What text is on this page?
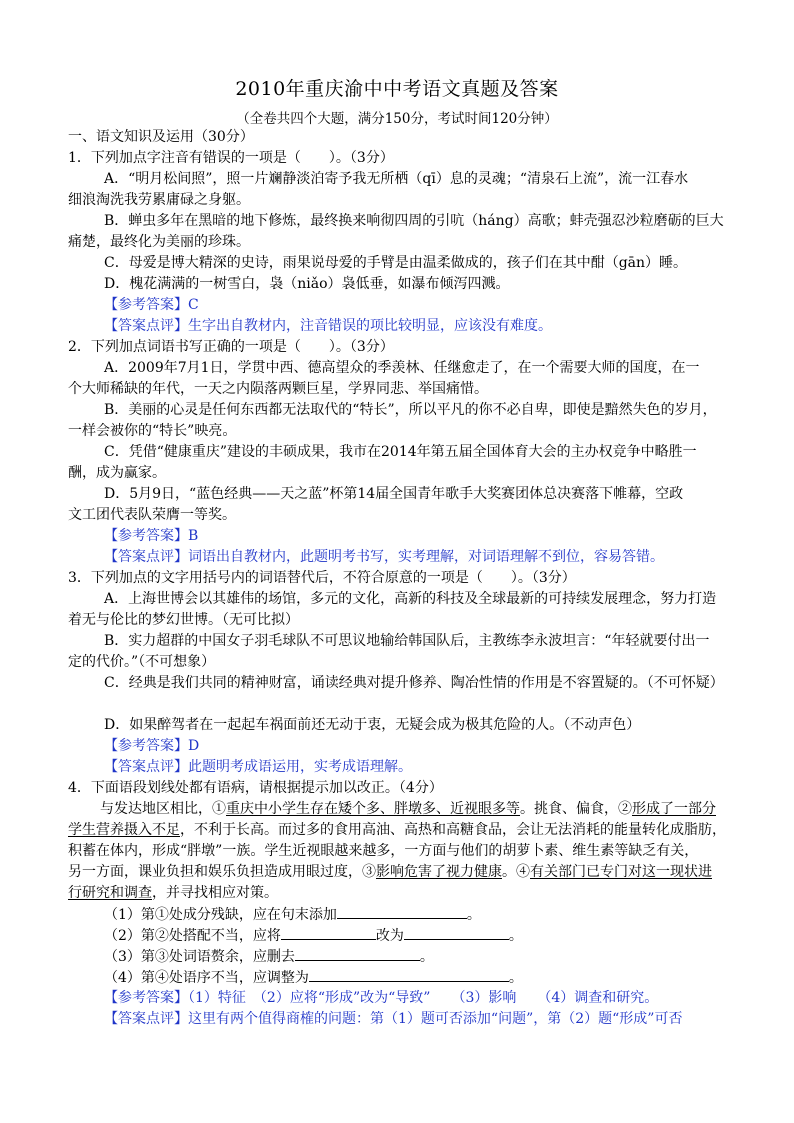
2010年重庆渝中中考语文真题及答案
（全卷共四个大题，满分150分，考试时间120分钟）
一、语文知识及运用（30分）
1．下列加点字注音有错误的一项是（　　）。（3分）
A．“明月松间照”，照一片斓静淡泊寄予我无所栖（qī）息的灵魂；“清泉石上流”，流一江春水
细浪淘洗我劳累庸碌之身躯。
B．蝉虫多年在黑暗的地下修炼，最终换来响彻四周的引吭（háng）高歌；蚌壳强忍沙粒磨砺的巨大
痛楚，最终化为美丽的珍珠。
C．母爱是博大精深的史诗，雨果说母爱的手臂是由温柔做成的，孩子们在其中酣（gān）睡。
D．槐花满满的一树雪白，袅（niǎo）袅低垂，如瀑布倾泻四溅。
【参考答案】C
【答案点评】生字出自教材内，注音错误的项比较明显，应该没有难度。
2．下列加点词语书写正确的一项是（　　）。（3分）
A．2009年7月1日，学贯中西、德高望众的季羡林、任继愈走了，在一个需要大师的国度，在一
个大师稀缺的年代，一天之内陨落两颗巨星，学界同悲、举国痛惜。
B．美丽的心灵是任何东西都无法取代的“特长”，所以平凡的你不必自卑，即使是黯然失色的岁月，
一样会被你的“特长”映亮。
C．凭借“健康重庆”建设的丰硕成果，我市在2014年第五届全国体育大会的主办权竞争中略胜一
酬，成为赢家。
D．5月9日，“蓝色经典——天之蓝”杯第14届全国青年歌手大奖赛团体总决赛落下帷幕，空政
文工团代表队荣膺一等奖。
【参考答案】B
【答案点评】词语出自教材内，此题明考书写，实考理解，对词语理解不到位，容易答错。
3．下列加点的文字用括号内的词语替代后，不符合原意的一项是（　　）。（3分）
A．上海世博会以其雄伟的场馆，多元的文化，高新的科技及全球最新的可持续发展理念，努力打造
着无与伦比的梦幻世博。（无可比拟）
B．实力超群的中国女子羽毛球队不可思议地输给韩国队后，主教练李永波坦言：“年轻就要付出一
定的代价。”（不可想象）
C．经典是我们共同的精神财富，诵读经典对提升修养、陶冶性情的作用是不容置疑的。（不可怀疑）
D．如果醉驾者在一起起车祸面前还无动于衷，无疑会成为极其危险的人。（不动声色）
【参考答案】D
【答案点评】此题明考成语运用，实考成语理解。
4．下面语段划线处都有语病，请根据提示加以改正。（4分）
与发达地区相比，①重庆中小学生存在矮个多、胖墩多、近视眼多等。挑食、偏食，②形成了一部分
学生营养摄入不足，不利于长高。而过多的食用高油、高热和高糖食品，会让无法消耗的能量转化成脂肪，
积蓄在体内，形成“胖墩”一族。学生近视眼越来越多，一方面与他们的胡萝卜素、维生素等缺乏有关，
另一方面，课业负担和娱乐负担造成用眼过度，③影响危害了视力健康。④有关部门已专门对这一现状进
行研究和调查，并寻找相应对策。
（1）第①处成分残缺，应在句末添加	。
（2）第②处搭配不当，应将	改为	。
（3）第③处词语赘余，应删去	。
（4）第④处语序不当，应调整为	。
【参考答案】（1）特征　（2）应将“形成”改为“导致”　　（3）影响　　（4）调查和研究。
【答案点评】这里有两个值得商榷的问题：第（1）题可否添加“问题”，第（2）题“形成”可否
